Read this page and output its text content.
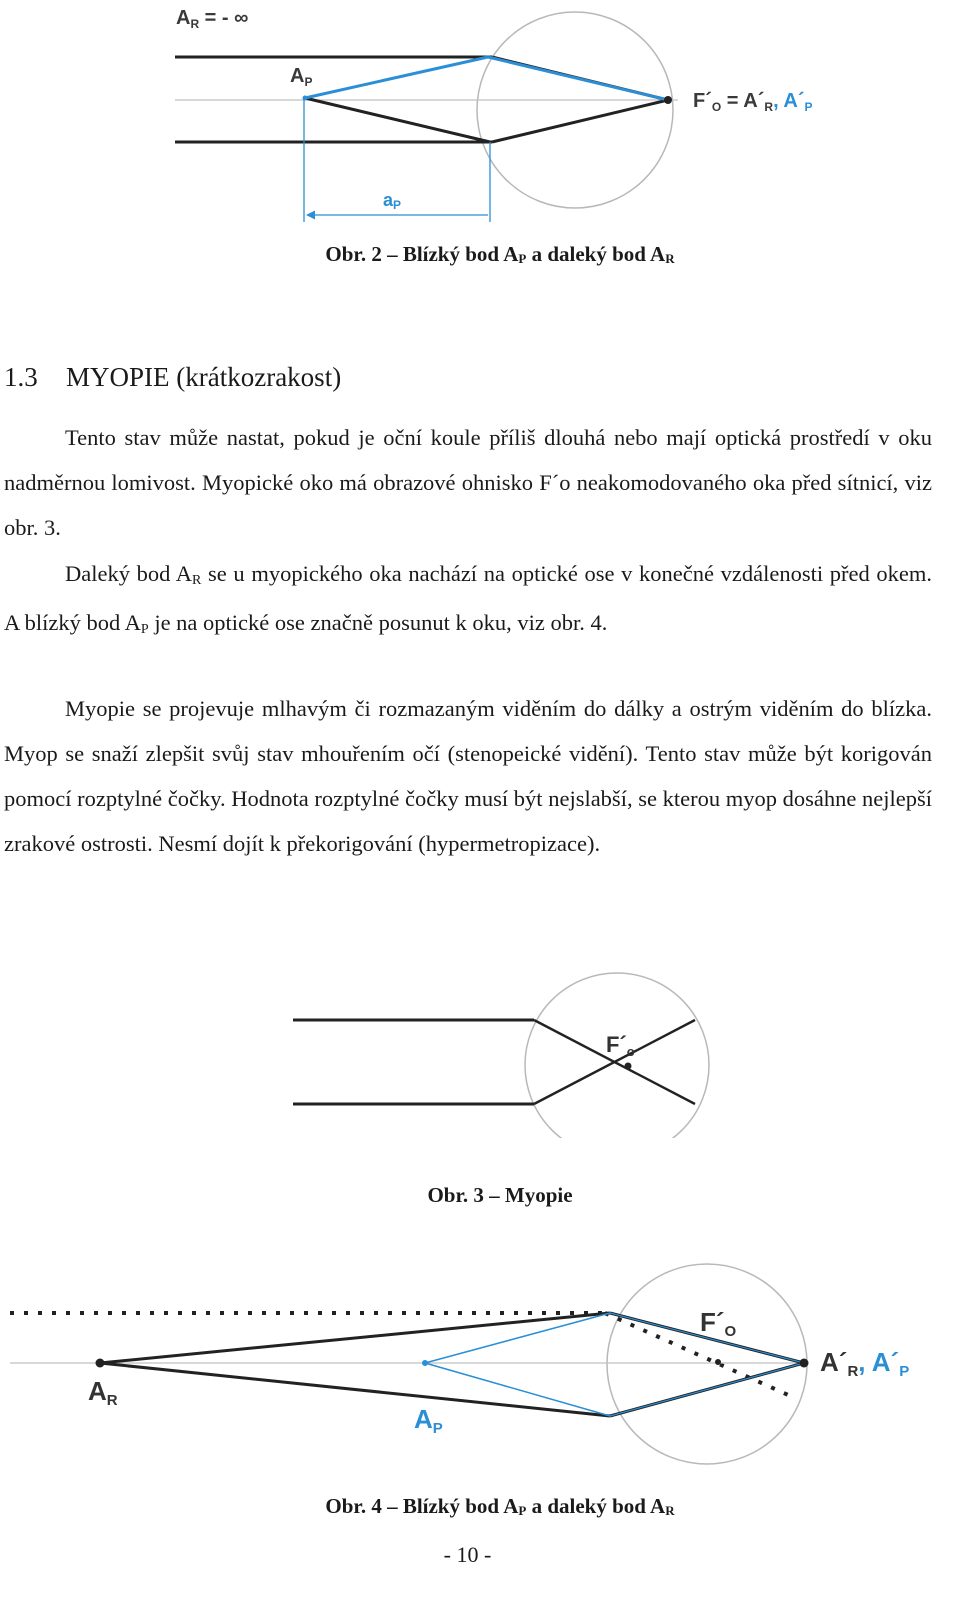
$A_R$ = - ∞
$A_P$
$F´_O$ = $A´_R$, $A´_P$
aP
Obr. 2 – Blízký bod $A_P$ a daleký bod $A_R$
1.3 MYOPIE (krátkozrakost)
Tento stav může nastat, pokud je oční koule příliš dlouhá nebo mají optická prostředí v oku nadměrnou lomivost. Myopické oko má obrazové ohnisko F´o neakomodovaného oka před sítnicí, viz obr. 3.
Daleký bod $A_R$ se u myopického oka nachází na optické ose v konečné vzdálenosti před okem. A blízký bod $A_P$ je na optické ose značně posunut k oku, viz obr. 4.
Myopie se projevuje mlhavým či rozmazaným viděním do dálky a ostrým viděním do blízka. Myop se snaží zlepšit svůj stav mhouřením očí (stenopeické vidění). Tento stav může být korigován pomocí rozptylné čočky. Hodnota rozptylné čočky musí být nejslabší, se kterou myop dosáhne nejlepší zrakové ostrosti. Nesmí dojít k překorigování (hypermetropizace).
F´o
Obr. 3 – Myopie
AR
AP
F´O
A´R, A´P
Obr. 4 – Blízký bod $A_P$ a daleký bod $A_R$
- 10 -
